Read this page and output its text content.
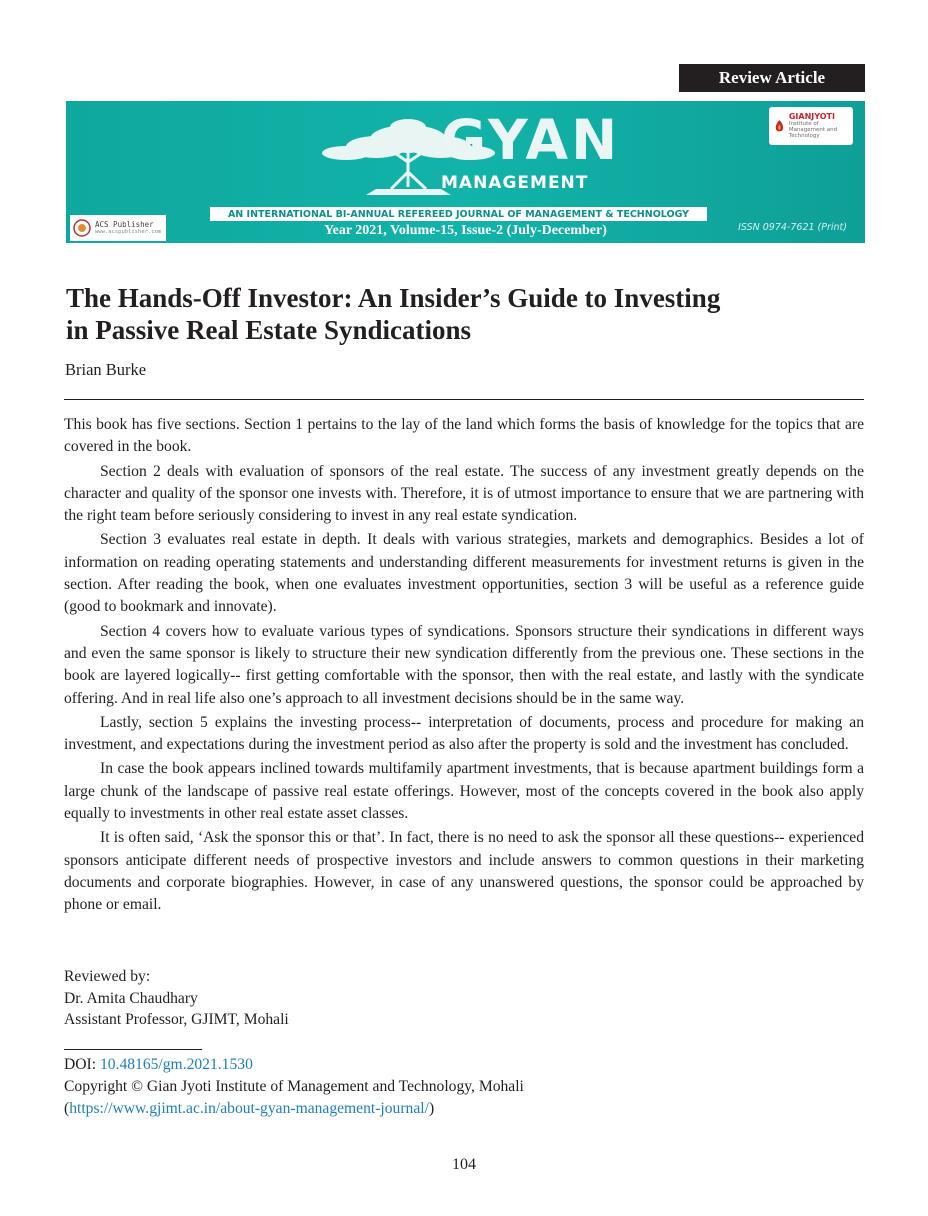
Review Article
GYAN
MANAGEMENT
GIANJYOTI
Institute of Management and Technology
AN INTERNATIONAL BI-ANNUAL REFEREED JOURNAL OF MANAGEMENT & TECHNOLOGY
Year 2021, Volume-15, Issue-2 (July-December)	ISSN 0974-7621 (Print)
ACS Publisher
www.acspublisher.com
The Hands-Off Investor: An Insider’s Guide to Investing
in Passive Real Estate Syndications
Brian Burke

This book has five sections. Section 1 pertains to the lay of the land which forms the basis of knowledge for the topics that are covered in the book.

Section 2 deals with evaluation of sponsors of the real estate. The success of any investment greatly depends on the character and quality of the sponsor one invests with. Therefore, it is of utmost importance to ensure that we are partnering with the right team before seriously considering to invest in any real estate syndication.

Section 3 evaluates real estate in depth. It deals with various strategies, markets and demographics. Besides a lot of information on reading operating statements and understanding different measurements for investment returns is given in the section. After reading the book, when one evaluates investment opportunities, section 3 will be useful as a reference guide (good to bookmark and innovate).

Section 4 covers how to evaluate various types of syndications. Sponsors structure their syndications in different ways and even the same sponsor is likely to structure their new syndication differently from the previous one. These sections in the book are layered logically-- first getting comfortable with the sponsor, then with the real estate, and lastly with the syndicate offering. And in real life also one’s approach to all investment decisions should be in the same way.

Lastly, section 5 explains the investing process-- interpretation of documents, process and procedure for making an investment, and expectations during the investment period as also after the property is sold and the investment has concluded.

In case the book appears inclined towards multifamily apartment investments, that is because apartment buildings form a large chunk of the landscape of passive real estate offerings. However, most of the concepts covered in the book also apply equally to investments in other real estate asset classes.

It is often said, ‘Ask the sponsor this or that’. In fact, there is no need to ask the sponsor all these questions-- experienced sponsors anticipate different needs of prospective investors and include answers to common questions in their marketing documents and corporate biographies. However, in case of any unanswered questions, the sponsor could be approached by phone or email.

Reviewed by:
Dr. Amita Chaudhary
Assistant Professor, GJIMT, Mohali
DOI: 10.48165/gm.2021.1530
Copyright © Gian Jyoti Institute of Management and Technology, Mohali
(https://www.gjimt.ac.in/about-gyan-management-journal/)
104
